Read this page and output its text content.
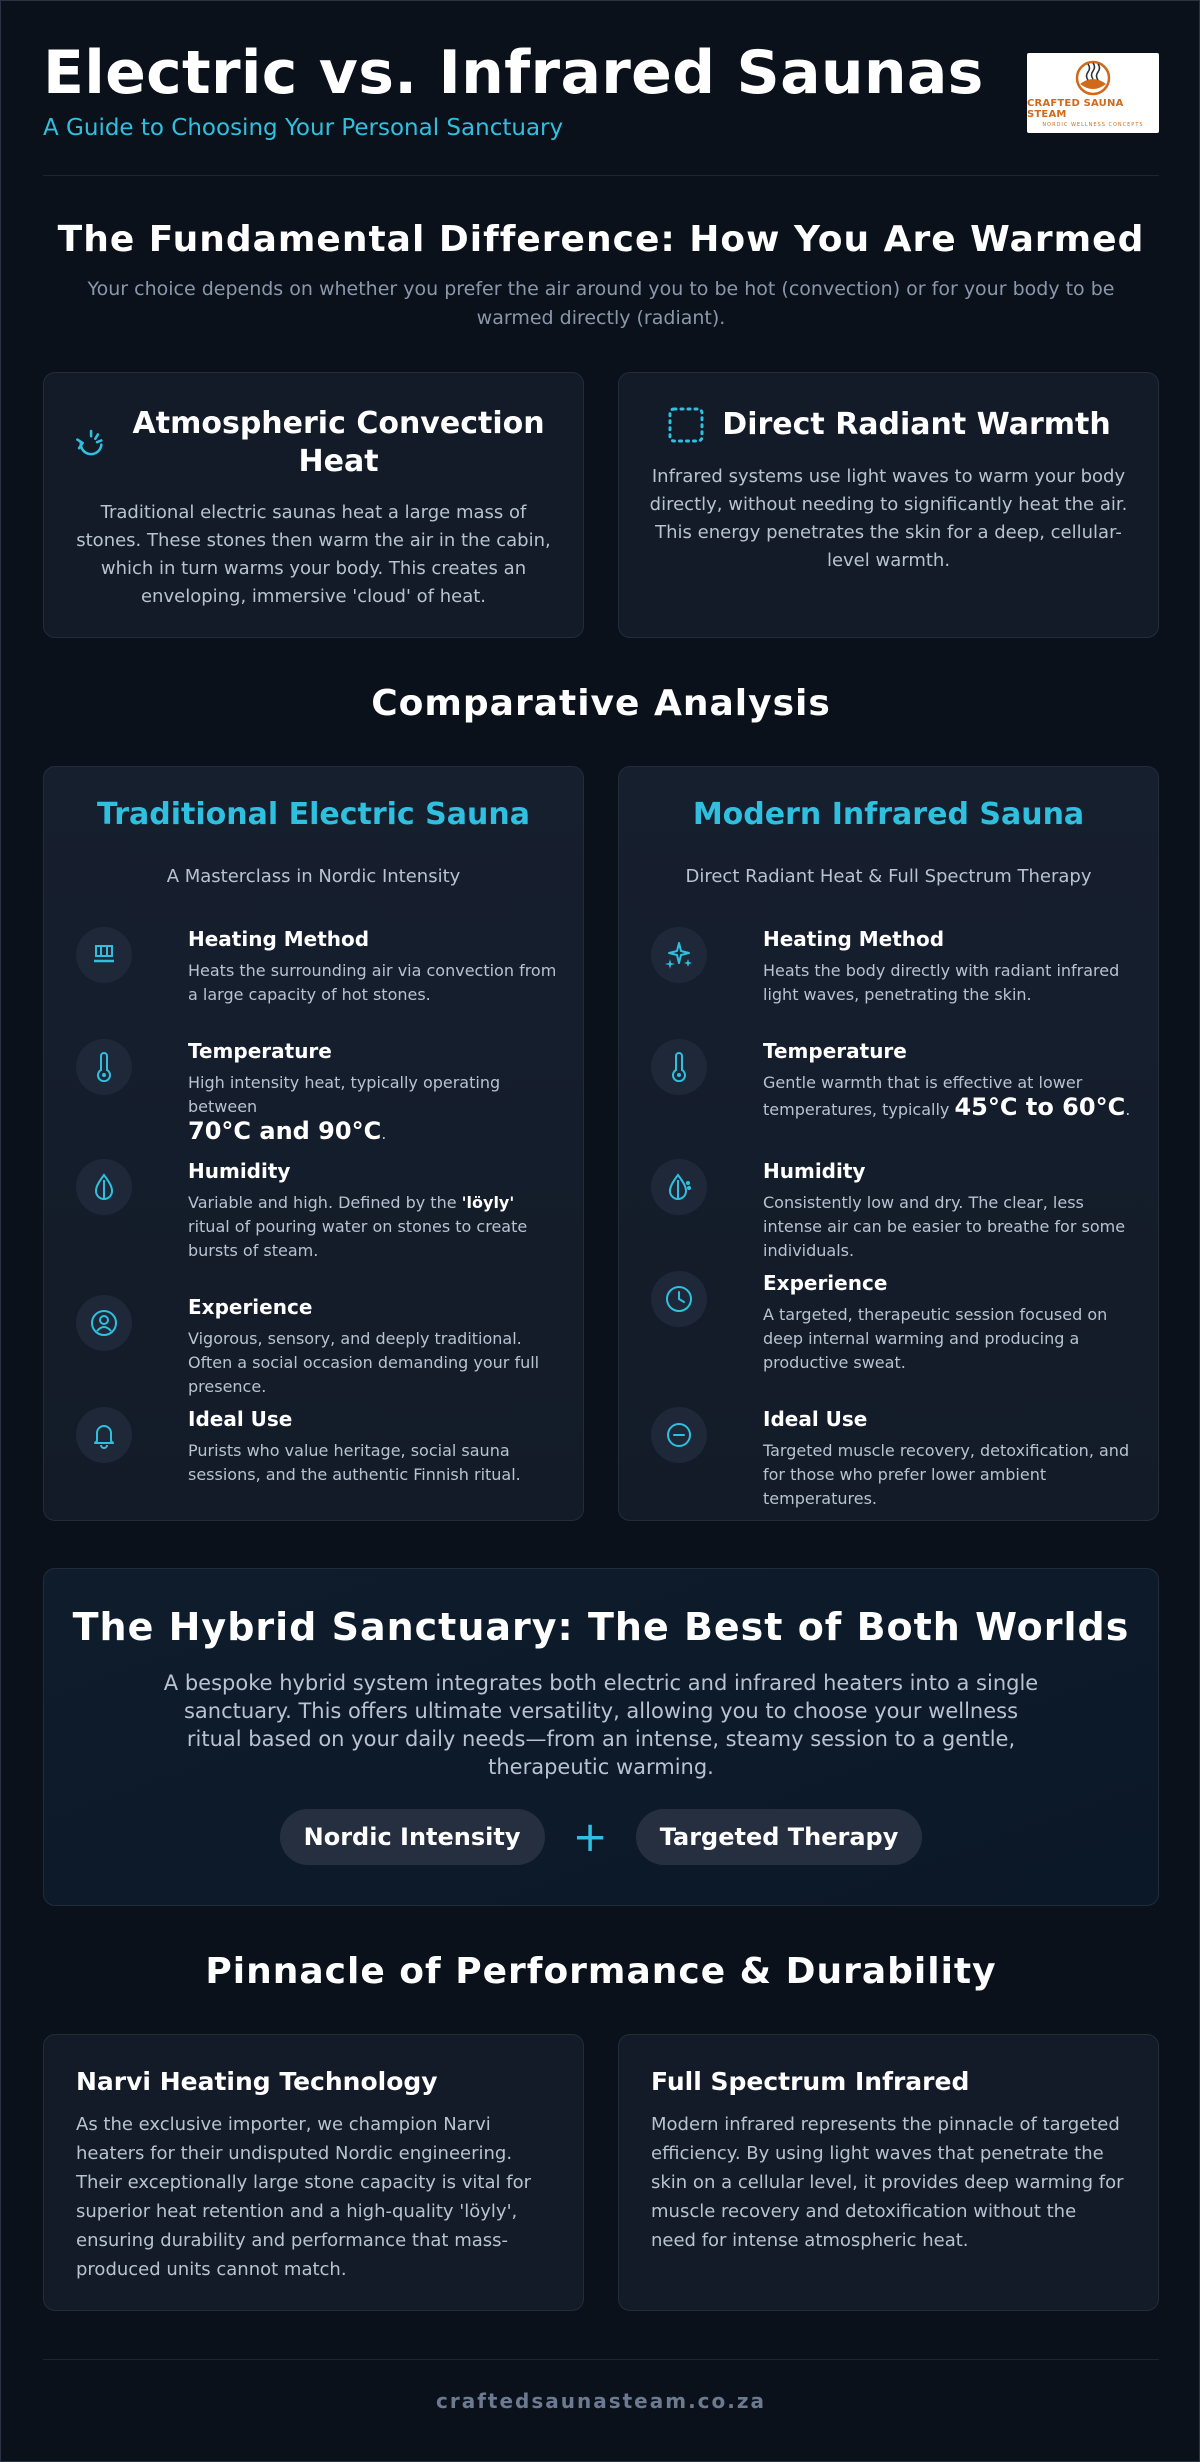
Electric vs. Infrared Saunas
A Guide to Choosing Your Personal Sanctuary
CRAFTED SAUNA STEAM
NORDIC WELLNESS CONCEPTS
The Fundamental Difference: How You Are Warmed
Your choice depends on whether you prefer the air around you to be hot (convection) or for your body to be warmed directly (radiant).
Atmospheric Convection Heat
Traditional electric saunas heat a large mass of stones. These stones then warm the air in the cabin, which in turn warms your body. This creates an enveloping, immersive 'cloud' of heat.
Direct Radiant Warmth
Infrared systems use light waves to warm your body directly, without needing to significantly heat the air. This energy penetrates the skin for a deep, cellular-level warmth.
Comparative Analysis
Traditional Electric Sauna
A Masterclass in Nordic Intensity
Heating Method
Heats the surrounding air via convection from a large capacity of hot stones.
Temperature
High intensity heat, typically operating between
70°C and 90°C.
Humidity
Variable and high. Defined by the 'löyly' ritual of pouring water on stones to create bursts of steam.
Experience
Vigorous, sensory, and deeply traditional. Often a social occasion demanding your full presence.
Ideal Use
Purists who value heritage, social sauna sessions, and the authentic Finnish ritual.
Modern Infrared Sauna
Direct Radiant Heat & Full Spectrum Therapy
Heating Method
Heats the body directly with radiant infrared light waves, penetrating the skin.
Temperature
Gentle warmth that is effective at lower temperatures, typically 45°C to 60°C.
Humidity
Consistently low and dry. The clear, less intense air can be easier to breathe for some individuals.
Experience
A targeted, therapeutic session focused on deep internal warming and producing a productive sweat.
Ideal Use
Targeted muscle recovery, detoxification, and for those who prefer lower ambient temperatures.
The Hybrid Sanctuary: The Best of Both Worlds
A bespoke hybrid system integrates both electric and infrared heaters into a single sanctuary. This offers ultimate versatility, allowing you to choose your wellness ritual based on your daily needs—from an intense, steamy session to a gentle, therapeutic warming.
Nordic Intensity	+	Targeted Therapy
Pinnacle of Performance & Durability
Narvi Heating Technology
As the exclusive importer, we champion Narvi heaters for their undisputed Nordic engineering. Their exceptionally large stone capacity is vital for superior heat retention and a high-quality 'löyly', ensuring durability and performance that mass-produced units cannot match.
Full Spectrum Infrared
Modern infrared represents the pinnacle of targeted efficiency. By using light waves that penetrate the skin on a cellular level, it provides deep warming for muscle recovery and detoxification without the need for intense atmospheric heat.
craftedsaunasteam.co.za
